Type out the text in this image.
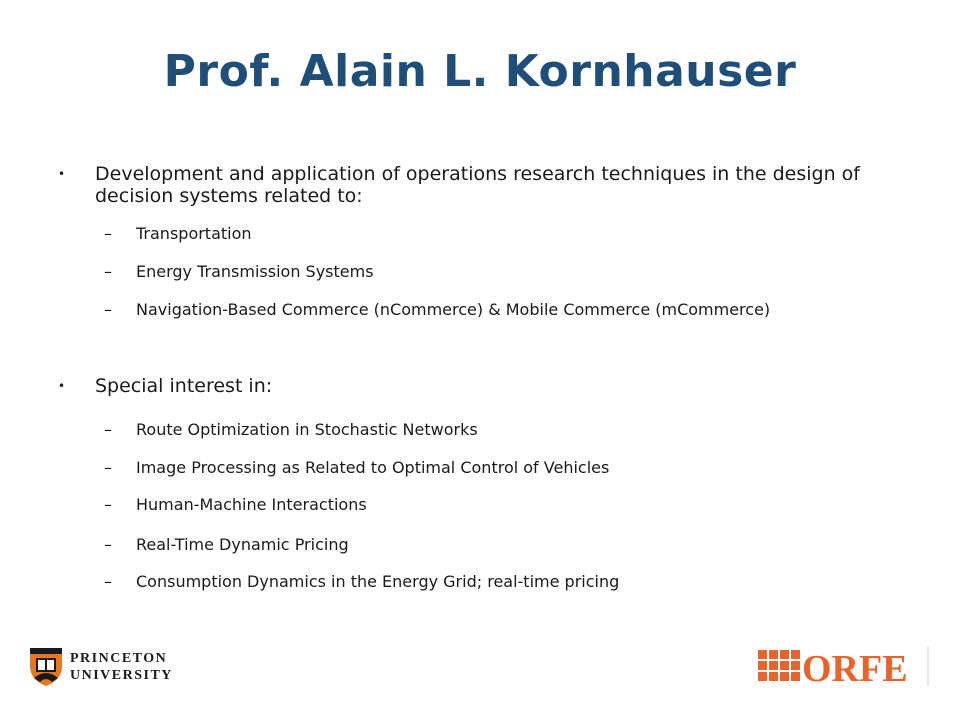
Prof. Alain L. Kornhauser
• Development and application of operations research techniques in the design of decision systems related to:
– Transportation
– Energy Transmission Systems
– Navigation-Based Commerce (nCommerce) & Mobile Commerce (mCommerce)
• Special interest in:
– Route Optimization in Stochastic Networks
– Image Processing as Related to Optimal Control of Vehicles
– Human-Machine Interactions
– Real-Time Dynamic Pricing
– Consumption Dynamics in the Energy Grid; real-time pricing
PRINCETON
UNIVERSITY	ORFE
